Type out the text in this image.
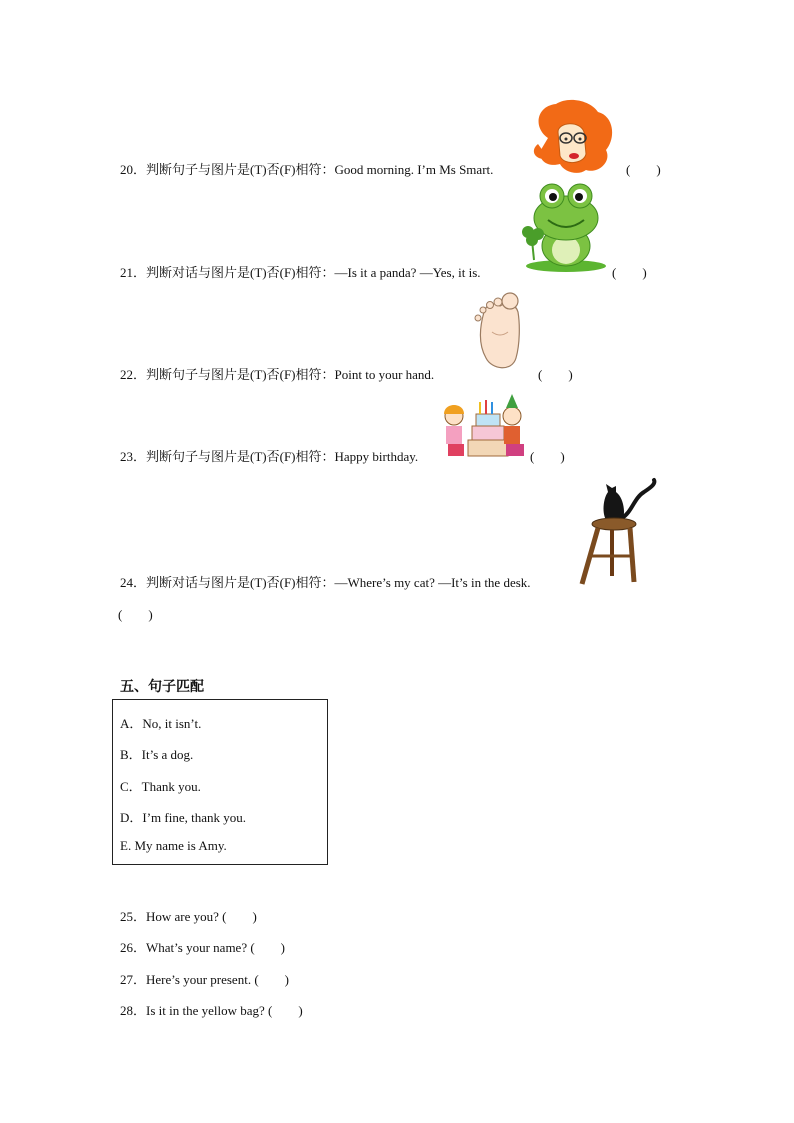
20．判断句子与图片是(T)否(F)相符：Good morning. I’m Ms Smart.	(　　)
21．判断对话与图片是(T)否(F)相符：—Is it a panda? —Yes, it is.	(　　)
22．判断句子与图片是(T)否(F)相符：Point to your hand.	(　　)
23．判断句子与图片是(T)否(F)相符：Happy birthday.	(　　)
24．判断对话与图片是(T)否(F)相符：—Where’s my cat? —It’s in the desk.
(　　)
五、句子匹配
A．No, it isn’t.
B．It’s a dog.
C．Thank you.
D．I’m fine, thank you.
E. My name is Amy.
25．How are you? (　　)
26．What’s your name? (　　)
27．Here’s your present. (　　)
28．Is it in the yellow bag? (　　)
